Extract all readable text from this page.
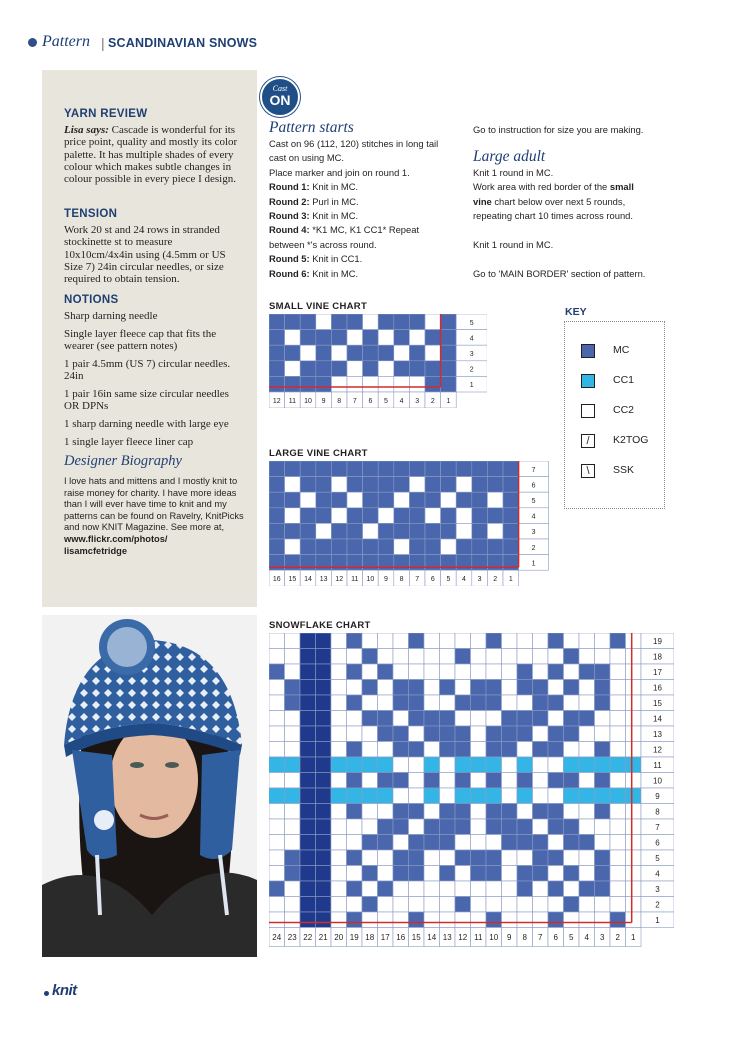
Pattern | SCANDINAVIAN SNOWS
YARN REVIEW
Lisa says: Cascade is wonderful for its price point, quality and mostly its color palette. It has multiple shades of every colour which makes subtle changes in colour possible in every piece I design.
TENSION
Work 20 st and 24 rows in stranded stockinette st to measure 10x10cm/4x4in using (4.5mm or US Size 7) 24in circular needles, or size required to obtain tension.
NOTIONS

Sharp darning needle

Single layer fleece cap that fits the wearer (see pattern notes)

1 pair 4.5mm (US 7) circular needles. 24in

1 pair 16in same size circular needles OR DPNs

1 sharp darning needle with large eye

1 single layer fleece liner cap

Designer Biography
I love hats and mittens and I mostly knit to raise money for charity. I have more ideas than I will ever have time to knit and my patterns can be found on Ravelry, KnitPicks and now KNIT Magazine. See more at,
www.flickr.com/photos/
lisamcfetridge
Cast
ON
Pattern starts
Cast on 96 (112, 120) stitches in long tail
cast on using MC.
Place marker and join on round 1.
Round 1: Knit in MC.
Round 2: Purl in MC.
Round 3: Knit in MC.
Round 4: *K1 MC, K1 CC1* Repeat
between *'s across round.
Round 5: Knit in CC1.
Round 6: Knit in MC.
Go to instruction for size you are making.
Large adult
Knit 1 round in MC.
Work area with red border of the small
vine chart below over next 5 rounds,
repeating chart 10 times across round.

Knit 1 round in MC.

Go to 'MAIN BORDER' section of pattern.
SMALL VINE CHART
5
4
3
2
1
12 11 10 9 8 7 6 5 4 3 2 1
LARGE VINE CHART
7
6
5
4
3
2
1
16 15 14 13 12 11 10 9 8 7 6 5 4 3 2 1
SNOWFLAKE CHART
19
18
17
16
15
14
13
12
11
10
9
8
7
6
5
4
3
2
1
24 23 22 21 20 19 18 17 16 15 14 13 12 11 10 9 8 7 6 5 4 3 2 1
KEY
MC
CC1
CC2
/	K2TOG
\	SSK
knit
